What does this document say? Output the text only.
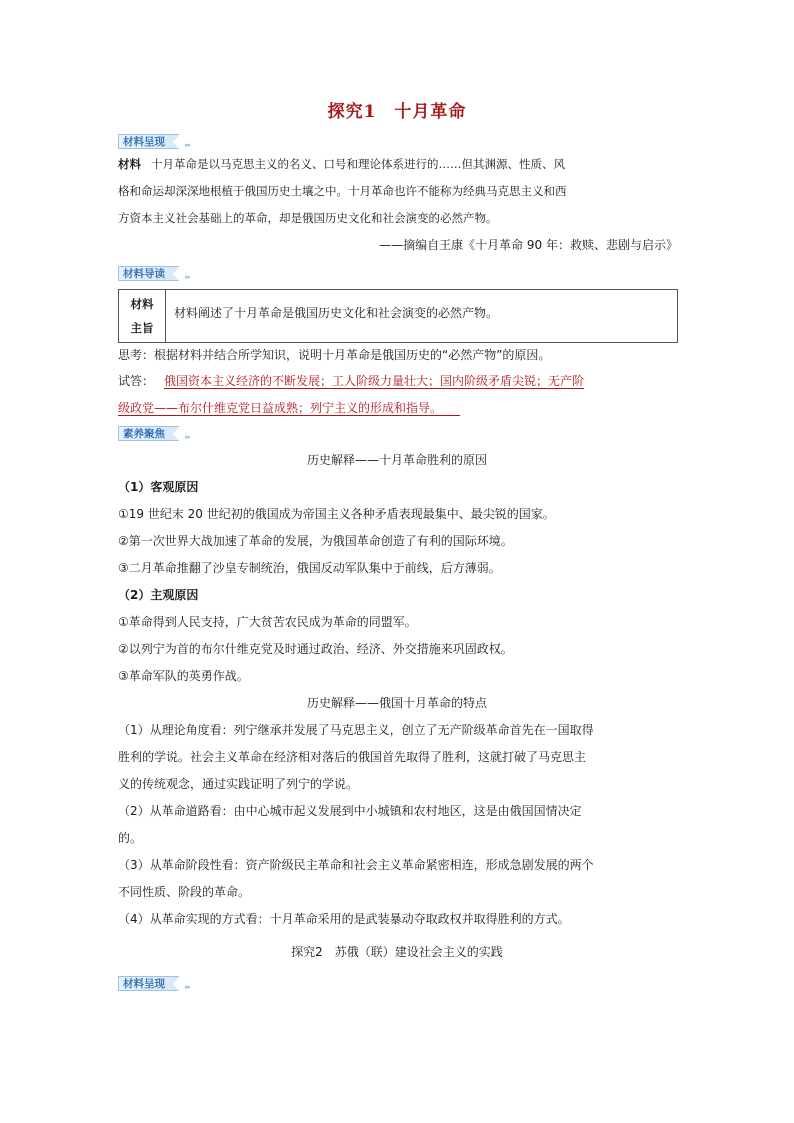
探究1 十月革命
材料呈现	▸▸
材料 十月革命是以马克思主义的名义、口号和理论体系进行的……但其渊源、性质、风
格和命运却深深地根植于俄国历史土壤之中。十月革命也许不能称为经典马克思主义和西
方资本主义社会基础上的革命，却是俄国历史文化和社会演变的必然产物。
——摘编自王康《十月革命 90 年：救赎、悲剧与启示》
材料导读	▸▸
材料
主旨
材料阐述了十月革命是俄国历史文化和社会演变的必然产物。
思考：根据材料并结合所学知识，说明十月革命是俄国历史的“必然产物”的原因。
试答： 俄国资本主义经济的不断发展；工人阶级力量壮大；国内阶级矛盾尖锐；无产阶
级政党——布尔什维克党日益成熟；列宁主义的形成和指导。　　
素养聚焦	▸▸
历史解释——十月革命胜利的原因
（1）客观原因
①19 世纪末 20 世纪初的俄国成为帝国主义各种矛盾表现最集中、最尖锐的国家。
②第一次世界大战加速了革命的发展，为俄国革命创造了有利的国际环境。
③二月革命推翻了沙皇专制统治，俄国反动军队集中于前线，后方薄弱。
（2）主观原因
①革命得到人民支持，广大贫苦农民成为革命的同盟军。
②以列宁为首的布尔什维克党及时通过政治、经济、外交措施来巩固政权。
③革命军队的英勇作战。
历史解释——俄国十月革命的特点
（1）从理论角度看：列宁继承并发展了马克思主义，创立了无产阶级革命首先在一国取得
胜利的学说。社会主义革命在经济相对落后的俄国首先取得了胜利，这就打破了马克思主
义的传统观念，通过实践证明了列宁的学说。
（2）从革命道路看：由中心城市起义发展到中小城镇和农村地区，这是由俄国国情决定
的。
（3）从革命阶段性看：资产阶级民主革命和社会主义革命紧密相连，形成急剧发展的两个
不同性质、阶段的革命。
（4）从革命实现的方式看：十月革命采用的是武装暴动夺取政权并取得胜利的方式。
探究2　苏俄（联）建设社会主义的实践
材料呈现	▸▸
